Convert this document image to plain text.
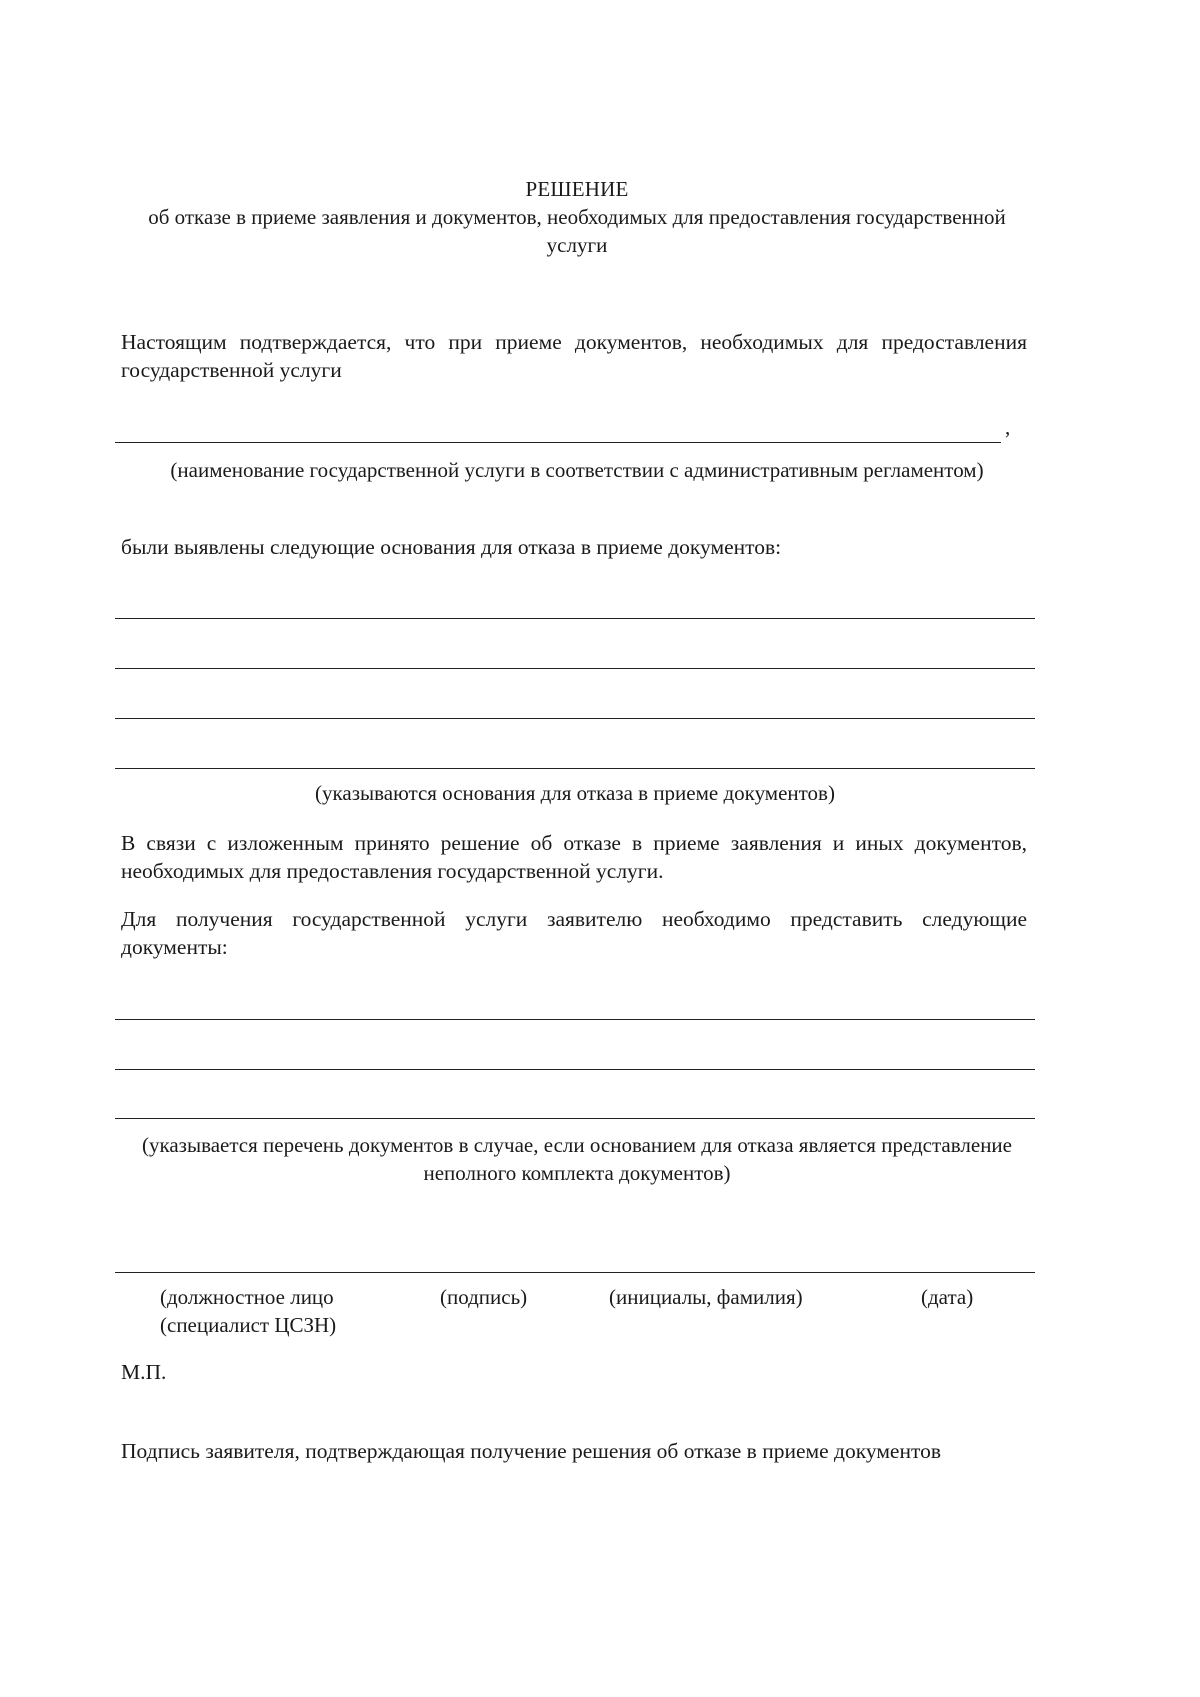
РЕШЕНИЕ
об отказе в приеме заявления и документов, необходимых для предоставления государственной услуги
Настоящим подтверждается, что при приеме документов, необходимых для предоставления государственной услуги
,
(наименование государственной услуги в соответствии с административным регламентом)
были выявлены следующие основания для отказа в приеме документов:
(указываются основания для отказа в приеме документов)
В связи с изложенным принято решение об отказе в приеме заявления и иных документов, необходимых для предоставления государственной услуги.
Для получения государственной услуги заявителю необходимо представить следующие документы:
(указывается перечень документов в случае, если основанием для отказа является представление неполного комплекта документов)
(должностное лицо
(специалист ЦСЗН)
(подпись)	(инициалы, фамилия)	(дата)
М.П.
Подпись заявителя, подтверждающая получение решения об отказе в приеме документов
